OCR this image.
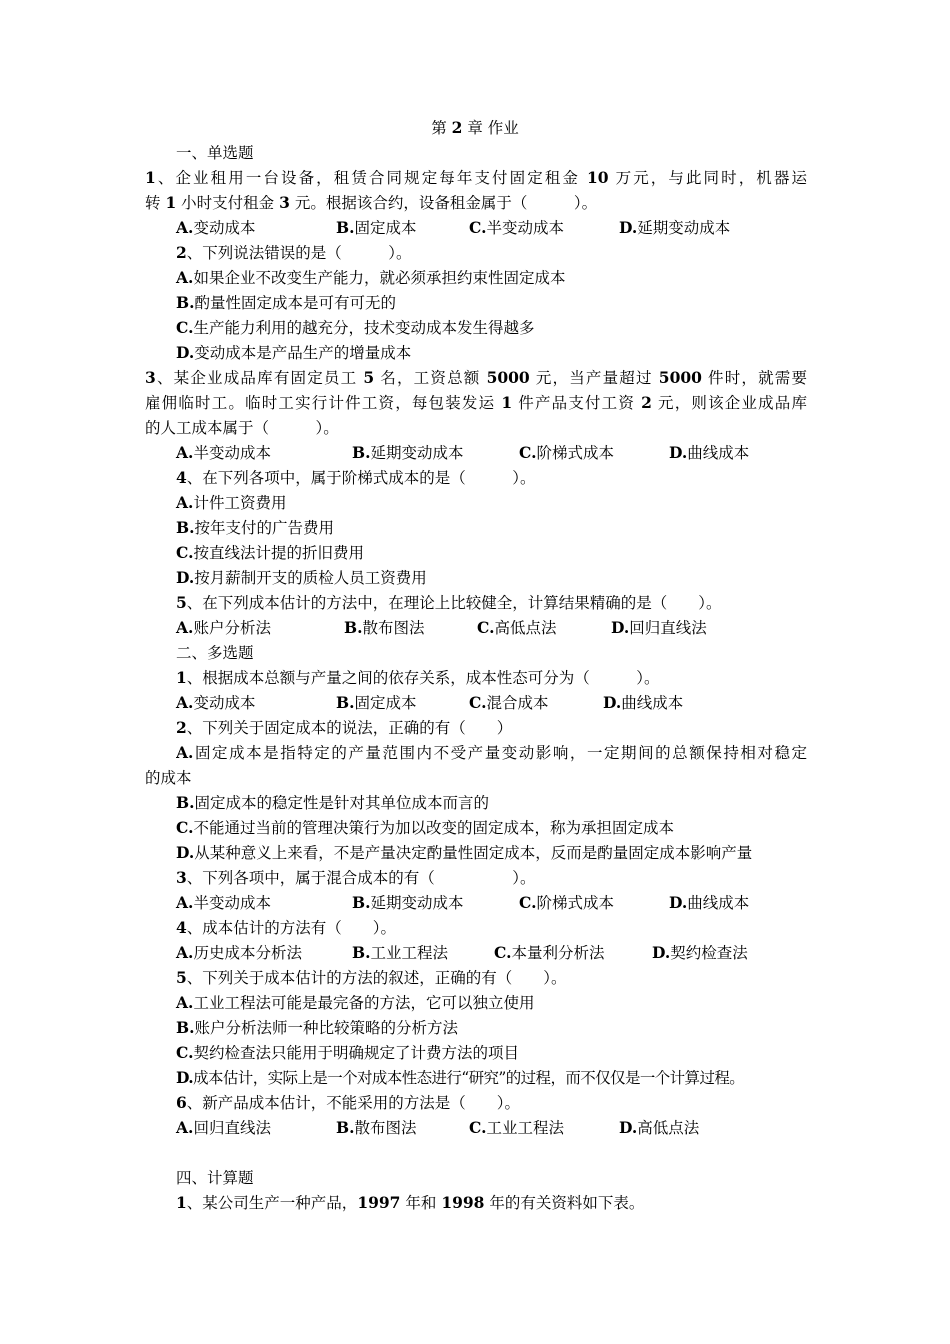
第 2 章 作业
一、单选题
1、企业租用一台设备，租赁合同规定每年支付固定租金 10 万元，与此同时，机器运
转 1 小时支付租金 3 元。根据该合约，设备租金属于（　　　）。
A.变动成本	B.固定成本	C.半变动成本	D.延期变动成本
2、下列说法错误的是（　　　）。
A.如果企业不改变生产能力，就必须承担约束性固定成本
B.酌量性固定成本是可有可无的
C.生产能力利用的越充分，技术变动成本发生得越多
D.变动成本是产品生产的增量成本
3、某企业成品库有固定员工 5 名，工资总额 5000 元，当产量超过 5000 件时，就需要
雇佣临时工。临时工实行计件工资，每包装发运 1 件产品支付工资 2 元，则该企业成品库
的人工成本属于（　　　）。
A.半变动成本	B.延期变动成本	C.阶梯式成本	D.曲线成本
4、在下列各项中，属于阶梯式成本的是（　　　）。
A.计件工资费用
B.按年支付的广告费用
C.按直线法计提的折旧费用
D.按月薪制开支的质检人员工资费用
5、在下列成本估计的方法中，在理论上比较健全，计算结果精确的是（　　）。
A.账户分析法	B.散布图法	C.高低点法	D.回归直线法
二、多选题
1、根据成本总额与产量之间的依存关系，成本性态可分为（　　　）。
A.变动成本	B.固定成本	C.混合成本	D.曲线成本
2、下列关于固定成本的说法，正确的有（　　）
A.固定成本是指特定的产量范围内不受产量变动影响，一定期间的总额保持相对稳定
的成本
B.固定成本的稳定性是针对其单位成本而言的
C.不能通过当前的管理决策行为加以改变的固定成本，称为承担固定成本
D.从某种意义上来看，不是产量决定酌量性固定成本，反而是酌量固定成本影响产量
3、下列各项中，属于混合成本的有（　　　　　）。
A.半变动成本	B.延期变动成本	C.阶梯式成本	D.曲线成本
4、成本估计的方法有（　　）。
A.历史成本分析法	B.工业工程法	C.本量利分析法	D.契约检查法
5、下列关于成本估计的方法的叙述，正确的有（　　）。
A.工业工程法可能是最完备的方法，它可以独立使用
B.账户分析法师一种比较策略的分析方法
C.契约检查法只能用于明确规定了计费方法的项目
D.成本估计，实际上是一个对成本性态进行“研究”的过程，而不仅仅是一个计算过程。
6、新产品成本估计，不能采用的方法是（　　）。
A.回归直线法	B.散布图法	C.工业工程法	D.高低点法
四、计算题
1、某公司生产一种产品，1997 年和 1998 年的有关资料如下表。
